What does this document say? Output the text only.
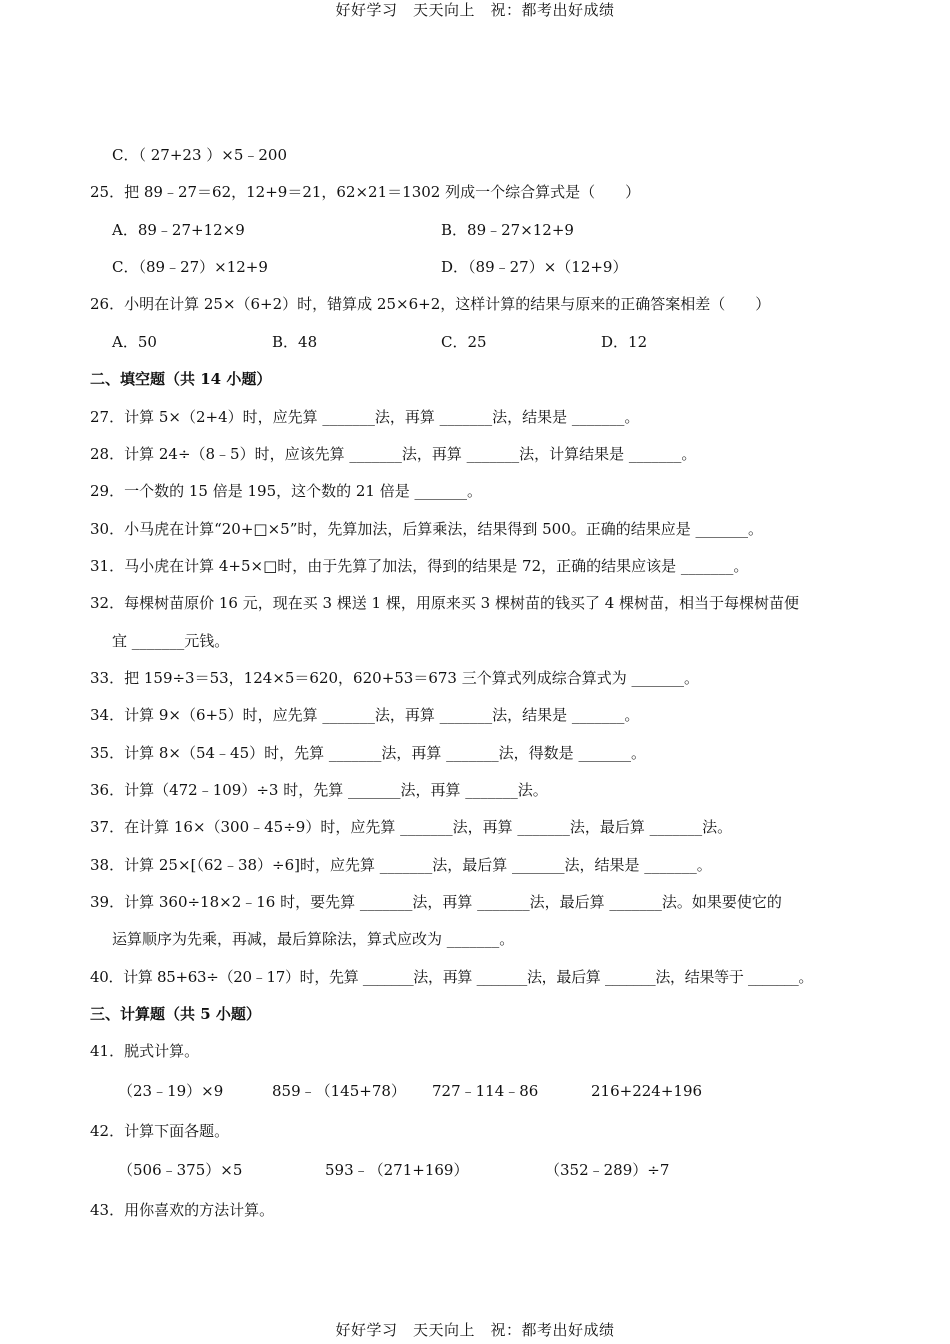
好好学习　天天向上　祝：都考出好成绩
C．（ 27+23 ）×5﹣200
25．把 89﹣27＝62，12+9＝21，62×21＝1302 列成一个综合算式是（　　）
A．89﹣27+12×9	B．89﹣27×12+9
C．（89﹣27）×12+9	D．（89﹣27）×（12+9）
26．小明在计算 25×（6+2）时，错算成 25×6+2，这样计算的结果与原来的正确答案相差（　　）
A．50	B．48	C．25	D．12
二、填空题（共 14 小题）
27．计算 5×（2+4）时，应先算 _______法，再算 _______法，结果是 _______。
28．计算 24÷（8﹣5）时，应该先算 _______法，再算 _______法，计算结果是 _______。
29．一个数的 15 倍是 195，这个数的 21 倍是 _______。
30．小马虎在计算“20+□×5”时，先算加法，后算乘法，结果得到 500。正确的结果应是 _______。
31．马小虎在计算 4+5×□时，由于先算了加法，得到的结果是 72，正确的结果应该是 _______。
32．每棵树苗原价 16 元，现在买 3 棵送 1 棵，用原来买 3 棵树苗的钱买了 4 棵树苗，相当于每棵树苗便
宜 _______元钱。
33．把 159÷3＝53，124×5＝620，620+53＝673 三个算式列成综合算式为 _______。
34．计算 9×（6+5）时，应先算 _______法，再算 _______法，结果是 _______。
35．计算 8×（54﹣45）时，先算 _______法，再算 _______法，得数是 _______。
36．计算（472﹣109）÷3 时，先算 _______法，再算 _______法。
37．在计算 16×（300﹣45÷9）时，应先算 _______法，再算 _______法，最后算 _______法。
38．计算 25×[（62﹣38）÷6]时，应先算 _______法，最后算 _______法，结果是 _______。
39．计算 360÷18×2﹣16 时，要先算 _______法，再算 _______法，最后算 _______法。如果要使它的
运算顺序为先乘，再减，最后算除法，算式应改为 _______。
40．计算 85+63÷（20﹣17）时，先算 _______法，再算 _______法，最后算 _______法，结果等于 _______。
三、计算题（共 5 小题）
41．脱式计算。
（23﹣19）×9	859﹣（145+78） 727﹣114﹣86	216+224+196
42．计算下面各题。
（506﹣375）×5	593﹣（271+169）	（352﹣289）÷7
43．用你喜欢的方法计算。
好好学习　天天向上　祝：都考出好成绩
